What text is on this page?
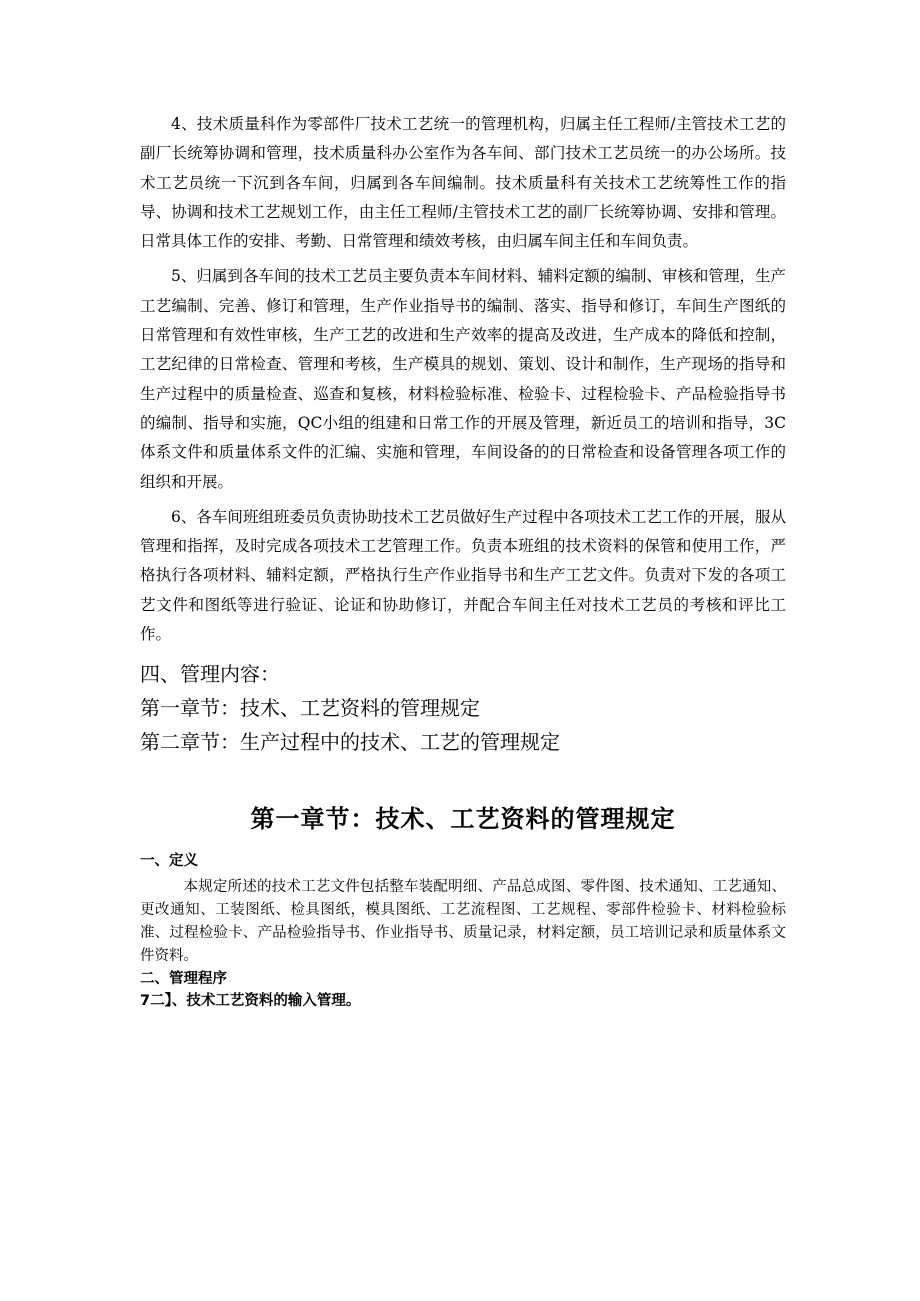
4、技术质量科作为零部件厂技术工艺统一的管理机构，归属主任工程师/主管技术工艺的副厂长统筹协调和管理，技术质量科办公室作为各车间、部门技术工艺员统一的办公场所。技术工艺员统一下沉到各车间，归属到各车间编制。技术质量科有关技术工艺统筹性工作的指导、协调和技术工艺规划工作，由主任工程师/主管技术工艺的副厂长统筹协调、安排和管理。日常具体工作的安排、考勤、日常管理和绩效考核，由归属车间主任和车间负责。

5、归属到各车间的技术工艺员主要负责本车间材料、辅料定额的编制、审核和管理，生产工艺编制、完善、修订和管理，生产作业指导书的编制、落实、指导和修订，车间生产图纸的日常管理和有效性审核，生产工艺的改进和生产效率的提高及改进，生产成本的降低和控制，工艺纪律的日常检查、管理和考核，生产模具的规划、策划、设计和制作，生产现场的指导和生产过程中的质量检查、巡查和复核，材料检验标准、检验卡、过程检验卡、产品检验指导书的编制、指导和实施，QC小组的组建和日常工作的开展及管理，新近员工的培训和指导，3C体系文件和质量体系文件的汇编、实施和管理，车间设备的的日常检查和设备管理各项工作的组织和开展。

6、各车间班组班委员负责协助技术工艺员做好生产过程中各项技术工艺工作的开展，服从管理和指挥，及时完成各项技术工艺管理工作。负责本班组的技术资料的保管和使用工作，严格执行各项材料、辅料定额，严格执行生产作业指导书和生产工艺文件。负责对下发的各项工艺文件和图纸等进行验证、论证和协助修订，并配合车间主任对技术工艺员的考核和评比工作。

四、管理内容：

第一章节：技术、工艺资料的管理规定

第二章节：生产过程中的技术、工艺的管理规定

第一章节：技术、工艺资料的管理规定

一、定义

本规定所述的技术工艺文件包括整车装配明细、产品总成图、零件图、技术通知、工艺通知、更改通知、工装图纸、检具图纸，模具图纸、工艺流程图、工艺规程、零部件检验卡、材料检验标准、过程检验卡、产品检验指导书、作业指导书、质量记录，材料定额，员工培训记录和质量体系文件资料。

二、管理程序

7二】、技术工艺资料的输入管理。
